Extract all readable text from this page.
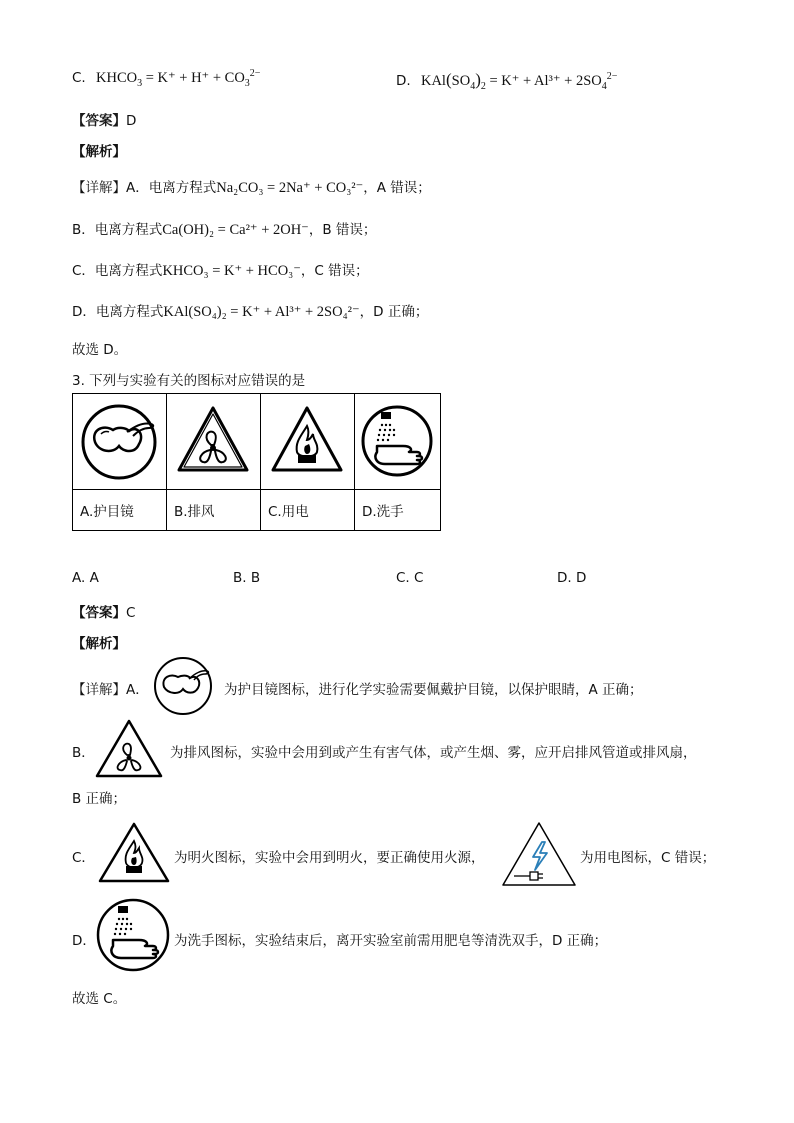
C. $KHCO_3 = K^+ + H^+ + CO_3^{2-}$	D. $KAl(SO_4)_2 = K^+ + Al^{3+} + 2SO_4^{2-}$
【答案】D
【解析】
【详解】A．电离方程式Na₂CO₃ = 2Na⁺ + CO₃²⁻，A 错误；
B．电离方程式Ca(OH)₂ = Ca²⁺ + 2OH⁻，B 错误；
C．电离方程式KHCO₃ = K⁺ + HCO₃⁻，C 错误；
D．电离方程式KAl(SO₄)₂ = K⁺ + Al³⁺ + 2SO₄²⁻，D 正确；
故选 D。
3. 下列与实验有关的图标对应错误的是

A.护目镜	B.排风	C.用电	D.洗手
A. A	B. B	C. C	D. D
【答案】C
【解析】
【详解】A．	为护目镜图标，进行化学实验需要佩戴护目镜，以保护眼睛，A 正确；
B．	为排风图标，实验中会用到或产生有害气体，或产生烟、雾，应开启排风管道或排风扇，
B 正确；
C．	为明火图标，实验中会用到明火，要正确使用火源，	为用电图标，C 错误；
D．	为洗手图标，实验结束后，离开实验室前需用肥皂等清洗双手，D 正确；
故选 C。
